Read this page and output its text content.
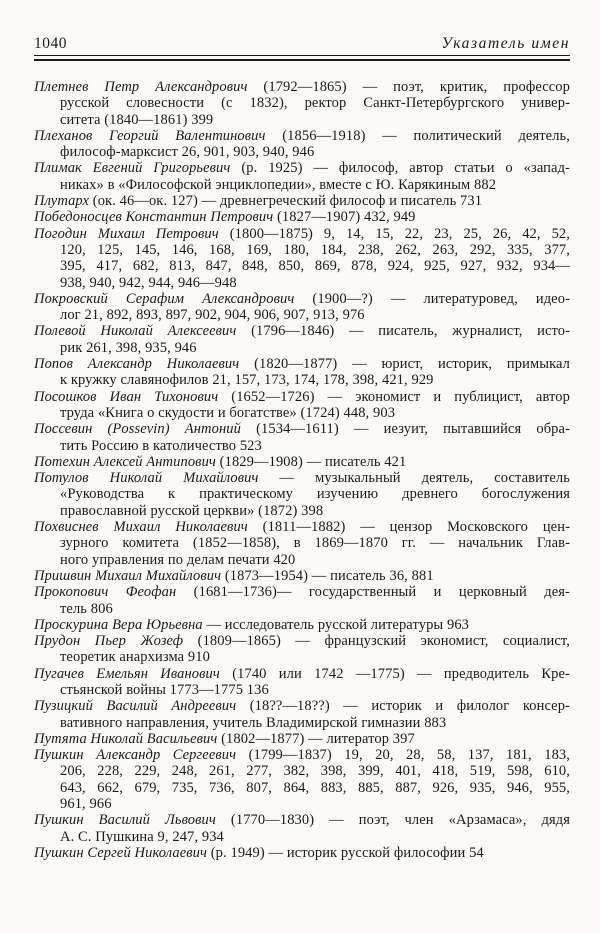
1040	Указатель имен
Плетнев Петр Александрович (1792—1865) — поэт, критик, профессор
русской словесности (с 1832), ректор Санкт-Петербургского универ-
ситета (1840—1861) 399
Плеханов Георгий Валентинович (1856—1918) — политический деятель,
философ-марксист 26, 901, 903, 940, 946
Плимак Евгений Григорьевич (р. 1925) — философ, автор статьи о «запад-
никах» в «Философской энциклопедии», вместе с Ю. Карякиным 882
Плутарх (ок. 46—ок. 127) — древнегреческий философ и писатель 731
Победоносцев Константин Петрович (1827—1907) 432, 949
Погодин Михаил Петрович (1800—1875) 9, 14, 15, 22, 23, 25, 26, 42, 52,
120, 125, 145, 146, 168, 169, 180, 184, 238, 262, 263, 292, 335, 377,
395, 417, 682, 813, 847, 848, 850, 869, 878, 924, 925, 927, 932, 934—
938, 940, 942, 944, 946—948
Покровский Серафим Александрович (1900—?) — литературовед, идео-
лог 21, 892, 893, 897, 902, 904, 906, 907, 913, 976
Полевой Николай Алексеевич (1796—1846) — писатель, журналист, исто-
рик 261, 398, 935, 946
Попов Александр Николаевич (1820—1877) — юрист, историк, примыкал
к кружку славянофилов 21, 157, 173, 174, 178, 398, 421, 929
Посошков Иван Тихонович (1652—1726) — экономист и публицист, автор
труда «Книга о скудости и богатстве» (1724) 448, 903
Поссевин (Possevin) Антоний (1534—1611) — иезуит, пытавшийся обра-
тить Россию в католичество 523
Потехин Алексей Антипович (1829—1908) — писатель 421
Потулов Николай Михайлович — музыкальный деятель, составитель
«Руководства к практическому изучению древнего богослужения
православной русской церкви» (1872) 398
Похвиснев Михаил Николаевич (1811—1882) — цензор Московского цен-
зурного комитета (1852—1858), в 1869—1870 гг. — начальник Глав-
ного управления по делам печати 420
Пришвин Михаил Михайлович (1873—1954) — писатель 36, 881
Прокопович Феофан (1681—1736)— государственный и церковный дея-
тель 806
Проскурина Вера Юрьевна — исследователь русской литературы 963
Прудон Пьер Жозеф (1809—1865) — французский экономист, социалист,
теоретик анархизма 910
Пугачев Емельян Иванович (1740 или 1742 —1775) — предводитель Кре-
стьянской войны 1773—1775 136
Пузицкий Василий Андреевич (18??—18??) — историк и филолог консер-
вативного направления, учитель Владимирской гимназии 883
Путята Николай Васильевич (1802—1877) — литератор 397
Пушкин Александр Сергеевич (1799—1837) 19, 20, 28, 58, 137, 181, 183,
206, 228, 229, 248, 261, 277, 382, 398, 399, 401, 418, 519, 598, 610,
643, 662, 679, 735, 736, 807, 864, 883, 885, 887, 926, 935, 946, 955,
961, 966
Пушкин Василий Львович (1770—1830) — поэт, член «Арзамаса», дядя
А. С. Пушкина 9, 247, 934
Пушкин Сергей Николаевич (р. 1949) — историк русской философии 54
